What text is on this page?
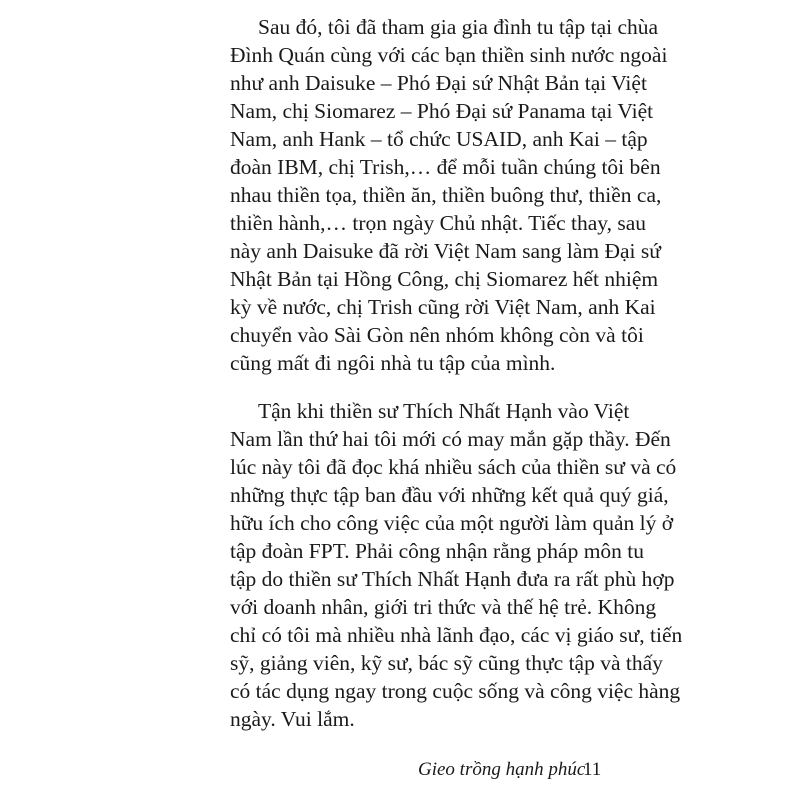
Sau đó, tôi đã tham gia gia đình tu tập tại chùa

Đình Quán cùng với các bạn thiền sinh nước ngoài

như anh Daisuke – Phó Đại sứ Nhật Bản tại Việt

Nam, chị Siomarez – Phó Đại sứ Panama tại Việt

Nam, anh Hank – tổ chức USAID, anh Kai – tập

đoàn IBM, chị Trish,… để mỗi tuần chúng tôi bên

nhau thiền tọa, thiền ăn, thiền buông thư, thiền ca,

thiền hành,… trọn ngày Chủ nhật. Tiếc thay, sau

này anh Daisuke đã rời Việt Nam sang làm Đại sứ

Nhật Bản tại Hồng Công, chị Siomarez hết nhiệm

kỳ về nước, chị Trish cũng rời Việt Nam, anh Kai

chuyển vào Sài Gòn nên nhóm không còn và tôi

cũng mất đi ngôi nhà tu tập của mình.

Tận khi thiền sư Thích Nhất Hạnh vào Việt

Nam lần thứ hai tôi mới có may mắn gặp thầy. Đến

lúc này tôi đã đọc khá nhiều sách của thiền sư và có

những thực tập ban đầu với những kết quả quý giá,

hữu ích cho công việc của một người làm quản lý ở

tập đoàn FPT. Phải công nhận rằng pháp môn tu

tập do thiền sư Thích Nhất Hạnh đưa ra rất phù hợp

với doanh nhân, giới tri thức và thế hệ trẻ. Không

chỉ có tôi mà nhiều nhà lãnh đạo, các vị giáo sư, tiến

sỹ, giảng viên, kỹ sư, bác sỹ cũng thực tập và thấy

có tác dụng ngay trong cuộc sống và công việc hàng

ngày. Vui lắm.

Gieo trồng hạnh phúc
11
